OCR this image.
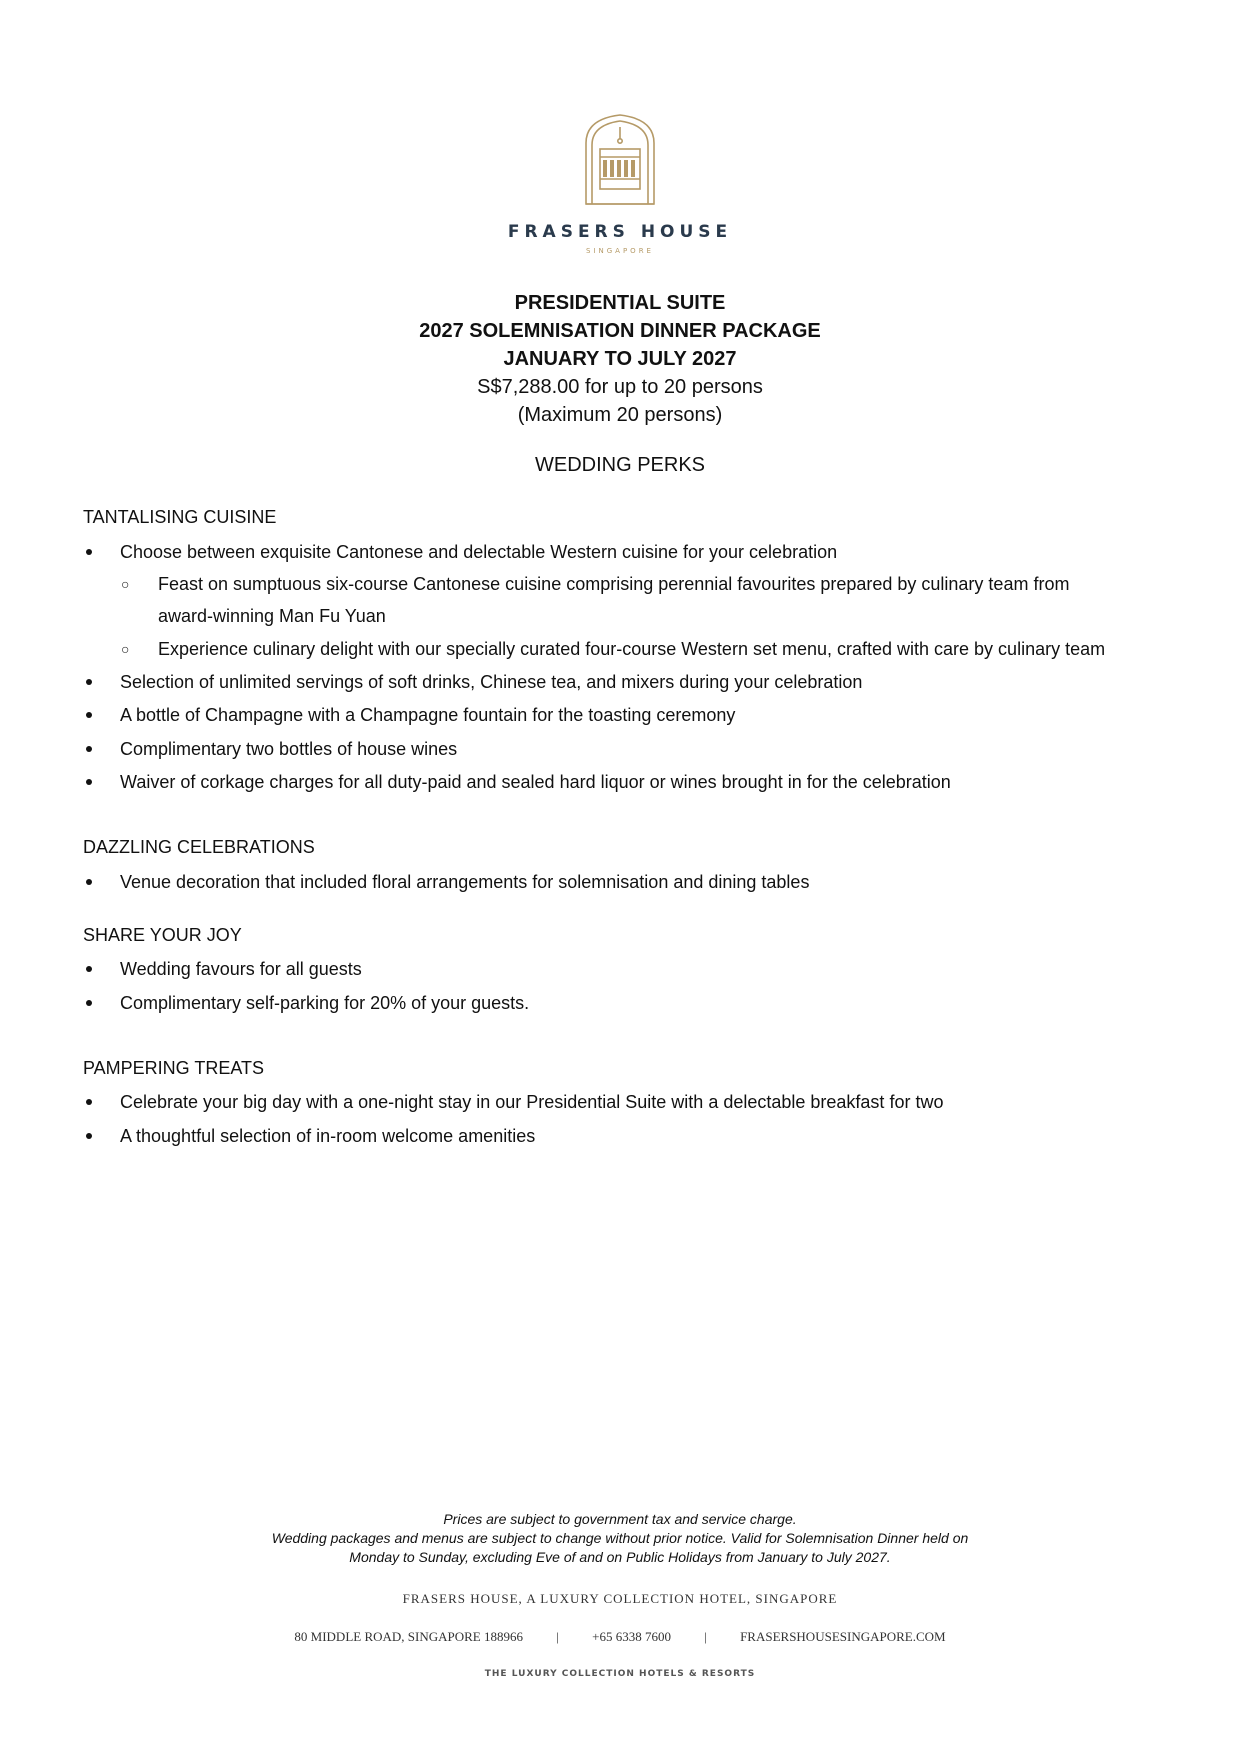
FRASERS HOUSE
SINGAPORE
PRESIDENTIAL SUITE
2027 SOLEMNISATION DINNER PACKAGE
JANUARY TO JULY 2027
S$7,288.00 for up to 20 persons
(Maximum 20 persons)
WEDDING PERKS
TANTALISING CUISINE
Choose between exquisite Cantonese and delectable Western cuisine for your celebration
○ Feast on sumptuous six-course Cantonese cuisine comprising perennial favourites prepared by culinary team from
award-winning Man Fu Yuan
○ Experience culinary delight with our specially curated four-course Western set menu, crafted with care by culinary team
Selection of unlimited servings of soft drinks, Chinese tea, and mixers during your celebration
A bottle of Champagne with a Champagne fountain for the toasting ceremony
Complimentary two bottles of house wines
Waiver of corkage charges for all duty-paid and sealed hard liquor or wines brought in for the celebration
DAZZLING CELEBRATIONS
Venue decoration that included floral arrangements for solemnisation and dining tables
SHARE YOUR JOY
Wedding favours for all guests
Complimentary self-parking for 20% of your guests.
PAMPERING TREATS
Celebrate your big day with a one-night stay in our Presidential Suite with a delectable breakfast for two
A thoughtful selection of in-room welcome amenities
Prices are subject to government tax and service charge.
Wedding packages and menus are subject to change without prior notice. Valid for Solemnisation Dinner held on
Monday to Sunday, excluding Eve of and on Public Holidays from January to July 2027.
FRASERS HOUSE, A LUXURY COLLECTION HOTEL, SINGAPORE
80 MIDDLE ROAD, SINGAPORE 188966	|	+65 6338 7600	|	FRASERSHOUSESINGAPORE.COM
THE LUXURY COLLECTION HOTELS & RESORTS
